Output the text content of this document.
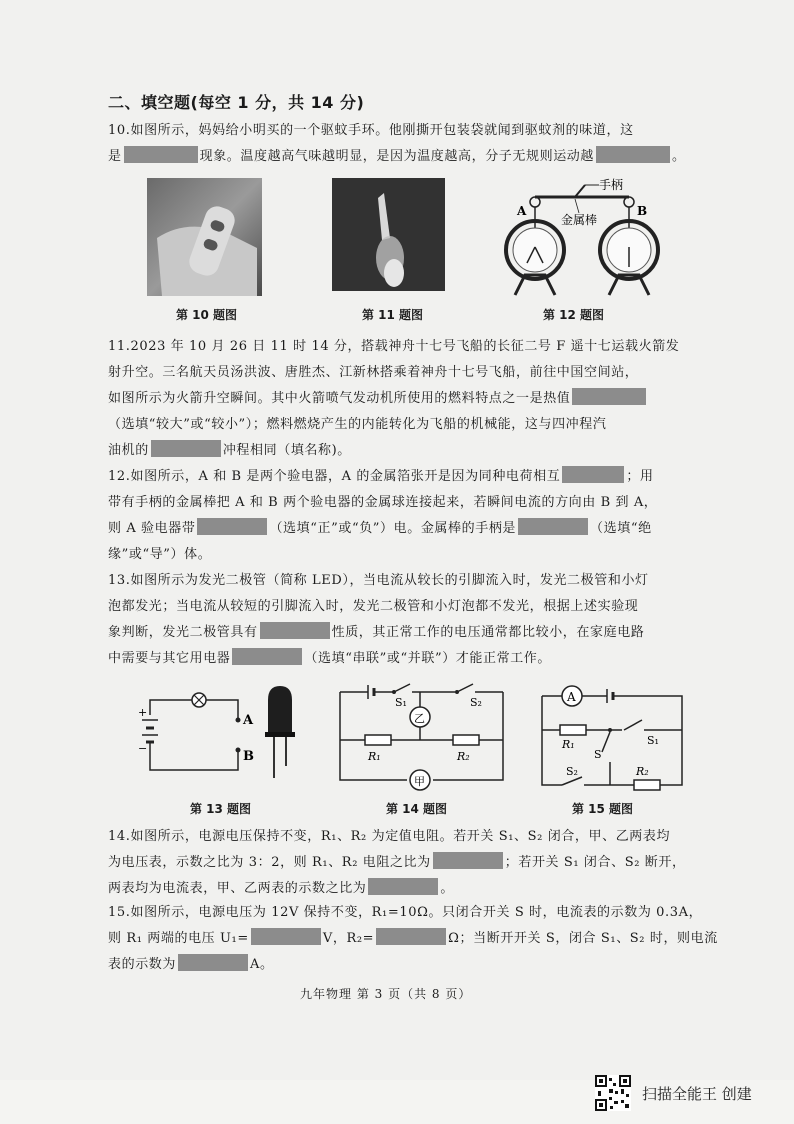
二、填空题(每空 1 分，共 14 分)
10.如图所示，妈妈给小明买的一个驱蚊手环。他刚撕开包装袋就闻到驱蚊剂的味道，这
是	现象。温度越高气味越明显，是因为温度越高，分子无规则运动越	。
手柄
金属棒
A	B
第 10 题图	第 11 题图	第 12 题图
11.2023 年 10 月 26 日 11 时 14 分，搭载神舟十七号飞船的长征二号 F 遥十七运载火箭发
射升空。三名航天员汤洪波、唐胜杰、江新林搭乘着神舟十七号飞船，前往中国空间站，
如图所示为火箭升空瞬间。其中火箭喷气发动机所使用的燃料特点之一是热值
（选填“较大”或“较小”）；燃料燃烧产生的内能转化为飞船的机械能，这与四冲程汽
油机的	冲程相同（填名称)。
12.如图所示，A 和 B 是两个验电器，A 的金属箔张开是因为同种电荷相互	；用
带有手柄的金属棒把 A 和 B 两个验电器的金属球连接起来，若瞬间电流的方向由 B 到 A，
则 A 验电器带	（选填“正”或“负”）电。金属棒的手柄是	（选填“绝
缘”或“导”）体。
13.如图所示为发光二极管（简称 LED），当电流从较长的引脚流入时，发光二极管和小灯
泡都发光；当电流从较短的引脚流入时，发光二极管和小灯泡都不发光，根据上述实验现
象判断，发光二极管具有	性质，其正常工作的电压通常都比较小，在家庭电路
中需要与其它用电器	（选填“串联”或“并联”）才能正常工作。
A
B
+
−
甲
S₁	S₂
乙
R₁	R₂
A
R₁	S₁
S
S₂	R₂
第 13 题图	第 14 题图	第 15 题图
14.如图所示，电源电压保持不变，R₁、R₂ 为定值电阻。若开关 S₁、S₂ 闭合，甲、乙两表均
为电压表，示数之比为 3：2，则 R₁、R₂ 电阻之比为	；若开关 S₁ 闭合、S₂ 断开，
两表均为电流表，甲、乙两表的示数之比为	。
15.如图所示，电源电压为 12V 保持不变，R₁=10Ω。只闭合开关 S 时，电流表的示数为 0.3A，
则 R₁ 两端的电压 U₁=	V，R₂=	Ω；当断开开关 S，闭合 S₁、S₂ 时，则电流
表的示数为	A。
九年物理 第 3 页（共 8 页）
扫描全能王 创建
